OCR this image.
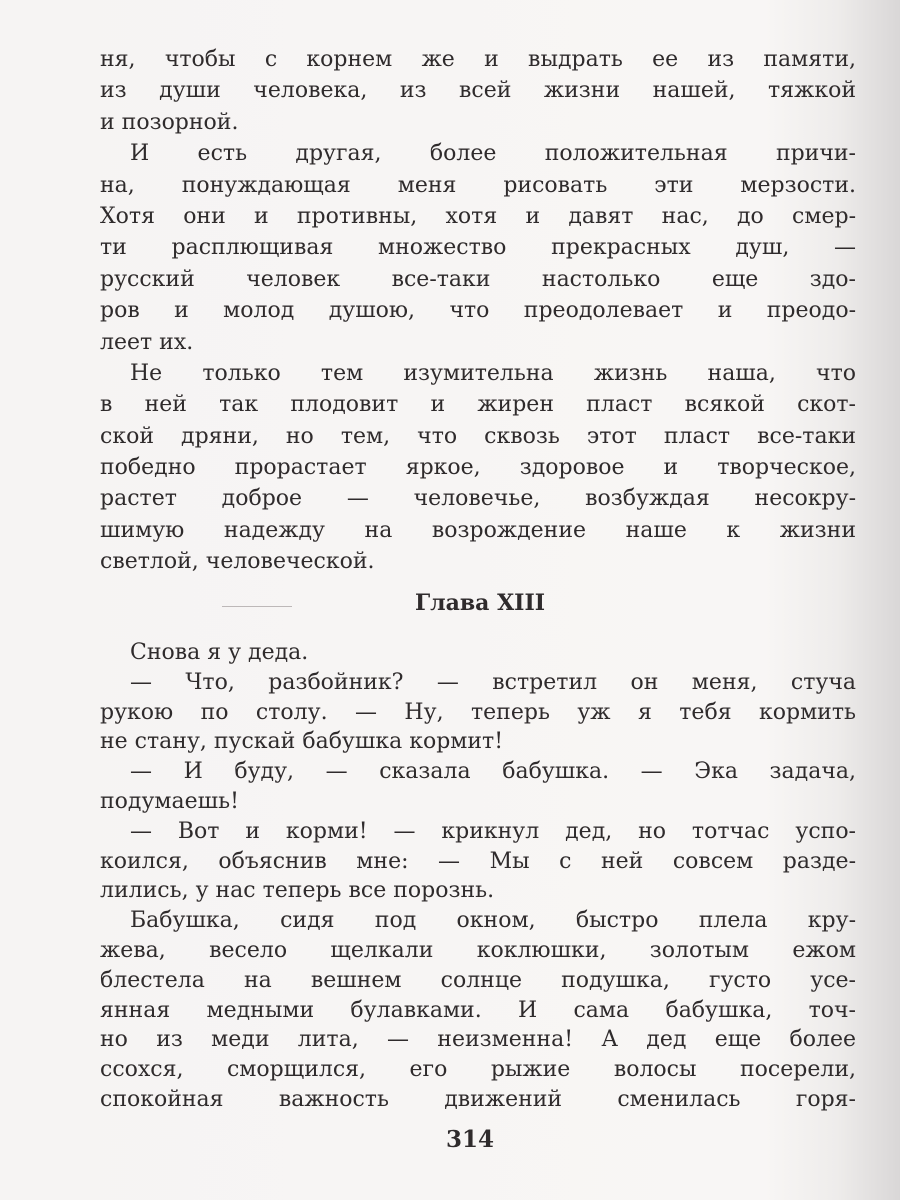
ня, чтобы с корнем же и выдрать ее из памяти,
из души человека, из всей жизни нашей, тяжкой
и позорной.
И есть другая, более положительная причи-
на, понуждающая меня рисовать эти мерзости.
Хотя они и противны, хотя и давят нас, до смер-
ти расплющивая множество прекрасных душ, —
русский человек все-таки настолько еще здо-
ров и молод душою, что преодолевает и преодо-
леет их.
Не только тем изумительна жизнь наша, что
в ней так плодовит и жирен пласт всякой скот-
ской дряни, но тем, что сквозь этот пласт все-таки
победно прорастает яркое, здоровое и творческое,
растет доброе — человечье, возбуждая несокру-
шимую надежду на возрождение наше к жизни
светлой, человеческой.
Глава XIII
Снова я у деда.
— Что, разбойник? — встретил он меня, стуча
рукою по столу. — Ну, теперь уж я тебя кормить
не стану, пускай бабушка кормит!
— И буду, — сказала бабушка. — Эка задача,
подумаешь!
— Вот и корми! — крикнул дед, но тотчас успо-
коился, объяснив мне: — Мы с ней совсем разде-
лились, у нас теперь все порознь.
Бабушка, сидя под окном, быстро плела кру-
жева, весело щелкали коклюшки, золотым ежом
блестела на вешнем солнце подушка, густо усе-
янная медными булавками. И сама бабушка, точ-
но из меди лита, — неизменна! А дед еще более
ссохся, сморщился, его рыжие волосы посерели,
спокойная важность движений сменилась горя-
314
